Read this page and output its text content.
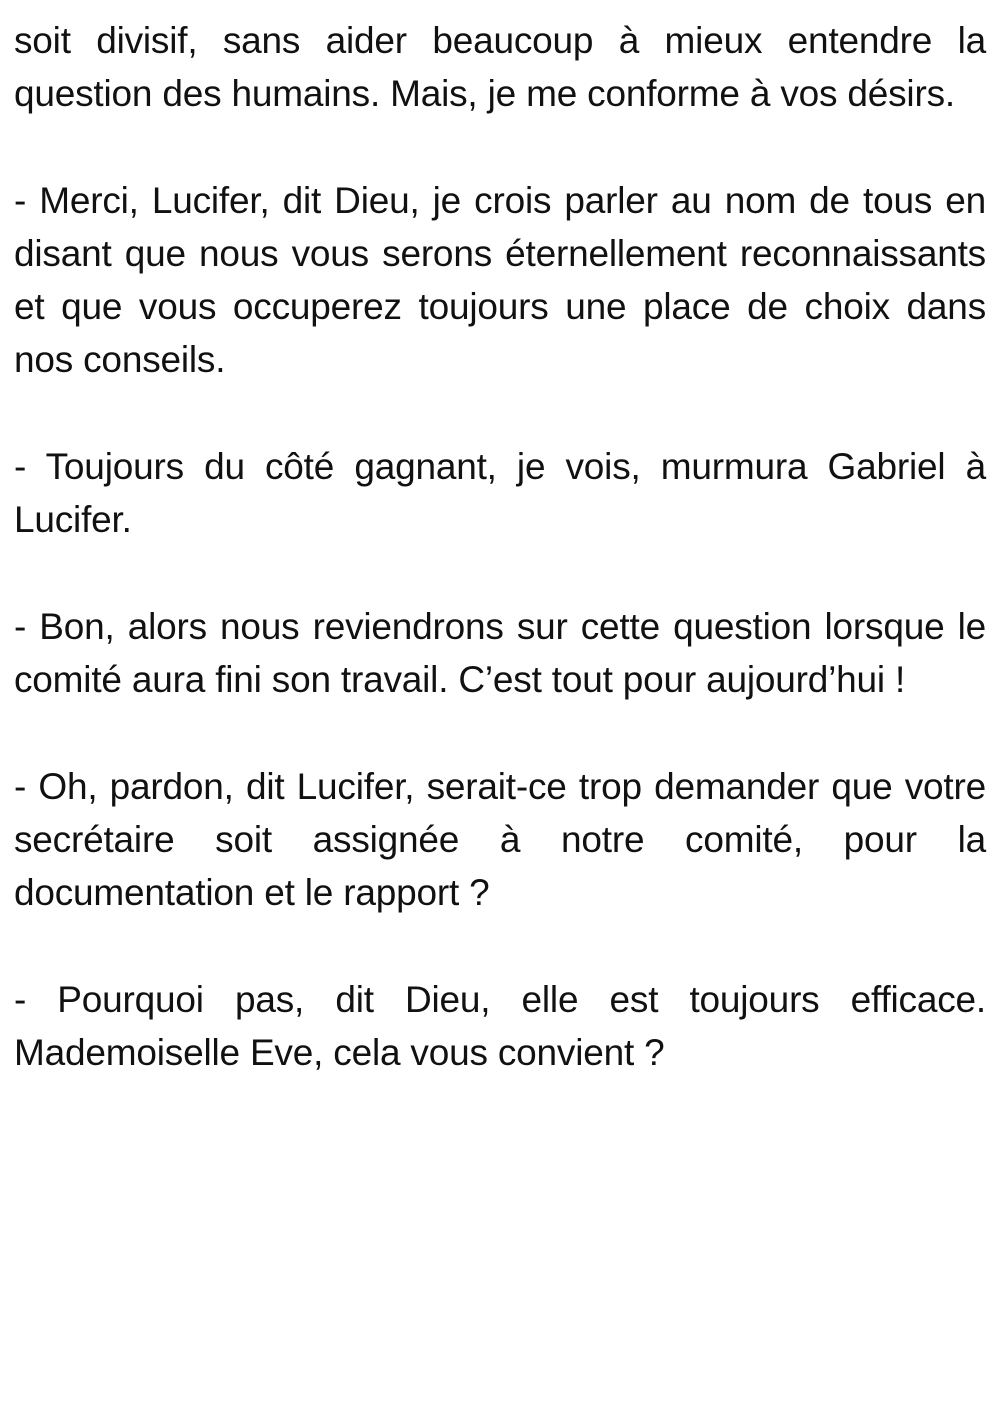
soit divisif, sans aider beaucoup à mieux entendre la question des humains. Mais, je me conforme à vos désirs.

- Merci, Lucifer, dit Dieu, je crois parler au nom de tous en disant que nous vous serons éternellement reconnaissants et que vous occuperez toujours une place de choix dans nos conseils.

- Toujours du côté gagnant, je vois, murmura Gabriel à Lucifer.

- Bon, alors nous reviendrons sur cette question lorsque le comité aura fini son travail. C’est tout pour aujourd’hui !

- Oh, pardon, dit Lucifer, serait-ce trop demander que votre secrétaire soit assignée à notre comité, pour la documentation et le rapport ?

- Pourquoi pas, dit Dieu, elle est toujours efficace. Mademoiselle Eve, cela vous convient ?
